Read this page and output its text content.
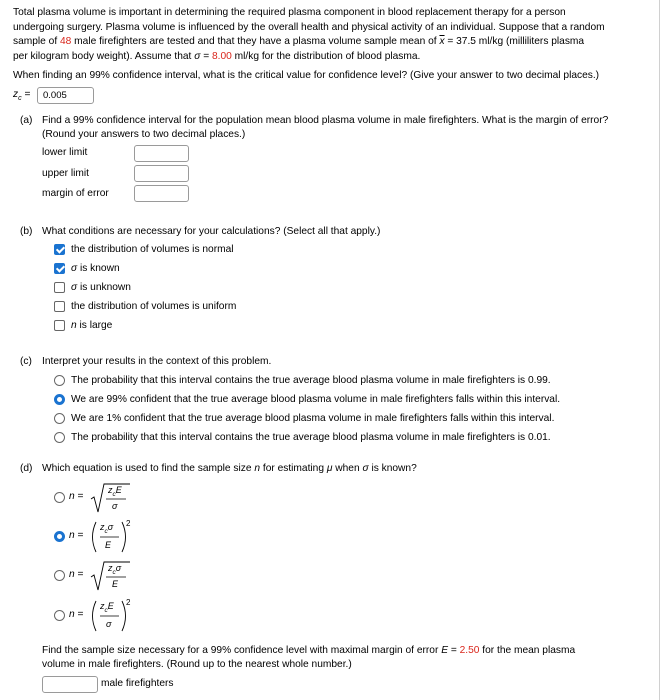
Total plasma volume is important in determining the required plasma component in blood replacement therapy for a person
undergoing surgery. Plasma volume is influenced by the overall health and physical activity of an individual. Suppose that a random
sample of 48 male firefighters are tested and that they have a plasma volume sample mean of $\overline{x} = 37.5$ ml/kg (milliliters plasma
per kilogram body weight). Assume that σ = 8.00 ml/kg for the distribution of blood plasma.
When finding an 99% confidence interval, what is the critical value for confidence level? (Give your answer to two decimal places.)
$z_c$ =	0.005
(a) Find a 99% confidence interval for the population mean blood plasma volume in male firefighters. What is the margin of error?
(Round your answers to two decimal places.)
lower limit
upper limit
margin of error
(b) What conditions are necessary for your calculations? (Select all that apply.)
the distribution of volumes is normal
σ is known
σ is unknown
the distribution of volumes is uniform
n is large
(c) Interpret your results in the context of this problem.
The probability that this interval contains the true average blood plasma volume in male firefighters is 0.99.
We are 99% confident that the true average blood plasma volume in male firefighters falls within this interval.
We are 1% confident that the true average blood plasma volume in male firefighters falls within this interval.
The probability that this interval contains the true average blood plasma volume in male firefighters is 0.01.
(d) Which equation is used to find the sample size n for estimating μ when σ is known?
n =
$z_cE$
σ
n =
$z_c\sigma$
E
2
n =
$z_c\sigma$
E
n =
$z_cE$
σ
2
Find the sample size necessary for a 99% confidence level with maximal margin of error E = 2.50 for the mean plasma
volume in male firefighters. (Round up to the nearest whole number.)
male firefighters
